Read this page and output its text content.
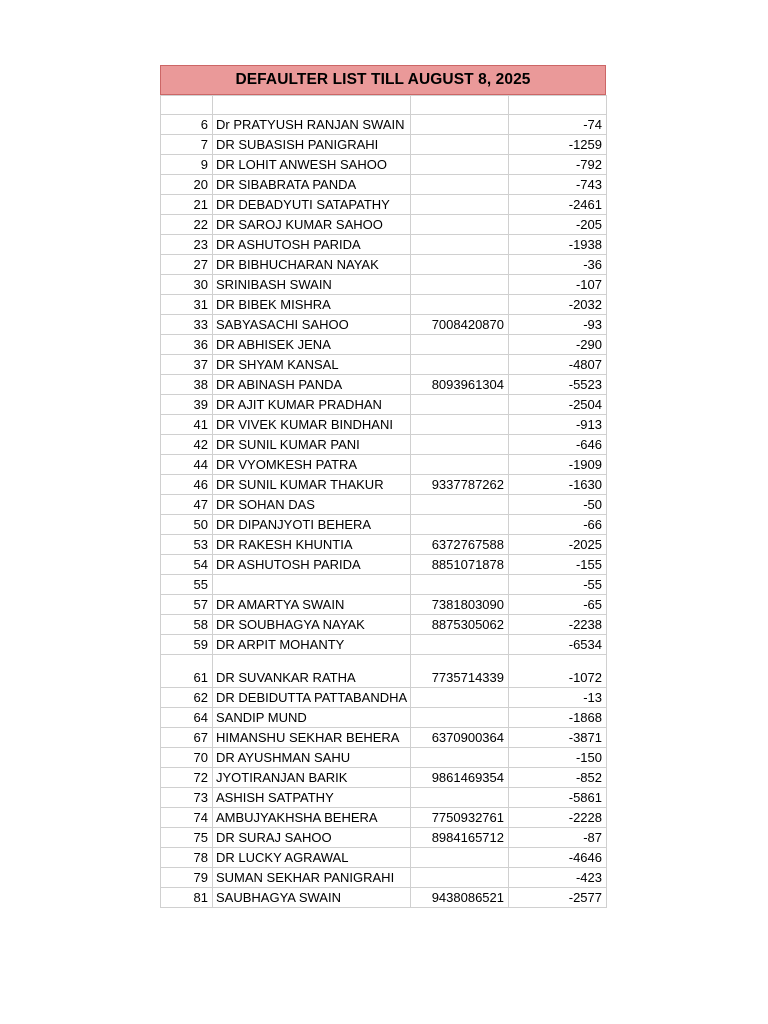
DEFAULTER LIST TILL AUGUST 8, 2025

6	Dr PRATYUSH RANJAN SWAIN		-74
7	DR SUBASISH PANIGRAHI		-1259
9	DR LOHIT ANWESH SAHOO		-792
20	DR SIBABRATA PANDA		-743
21	DR DEBADYUTI SATAPATHY		-2461
22	DR SAROJ KUMAR SAHOO		-205
23	DR ASHUTOSH PARIDA		-1938
27	DR BIBHUCHARAN NAYAK		-36
30	SRINIBASH SWAIN		-107
31	DR BIBEK MISHRA		-2032
33	SABYASACHI SAHOO	7008420870	-93
36	DR ABHISEK JENA		-290
37	DR SHYAM KANSAL		-4807
38	DR ABINASH PANDA	8093961304	-5523
39	DR AJIT KUMAR PRADHAN		-2504
41	DR VIVEK KUMAR BINDHANI		-913
42	DR SUNIL KUMAR PANI		-646
44	DR VYOMKESH PATRA		-1909
46	DR SUNIL KUMAR THAKUR	9337787262	-1630
47	DR SOHAN DAS		-50
50	DR DIPANJYOTI BEHERA		-66
53	DR RAKESH KHUNTIA	6372767588	-2025
54	DR ASHUTOSH PARIDA	8851071878	-155
55			-55
57	DR AMARTYA SWAIN	7381803090	-65
58	DR SOUBHAGYA NAYAK	8875305062	-2238
59	DR ARPIT MOHANTY		-6534
61	DR SUVANKAR RATHA	7735714339	-1072
62	DR DEBIDUTTA PATTABANDHA		-13
64	SANDIP MUND		-1868
67	HIMANSHU SEKHAR BEHERA	6370900364	-3871
70	DR AYUSHMAN SAHU		-150
72	JYOTIRANJAN BARIK	9861469354	-852
73	ASHISH SATPATHY		-5861
74	AMBUJYAKHSHA BEHERA	7750932761	-2228
75	DR SURAJ SAHOO	8984165712	-87
78	DR LUCKY AGRAWAL		-4646
79	SUMAN SEKHAR PANIGRAHI		-423
81	SAUBHAGYA SWAIN	9438086521	-2577
